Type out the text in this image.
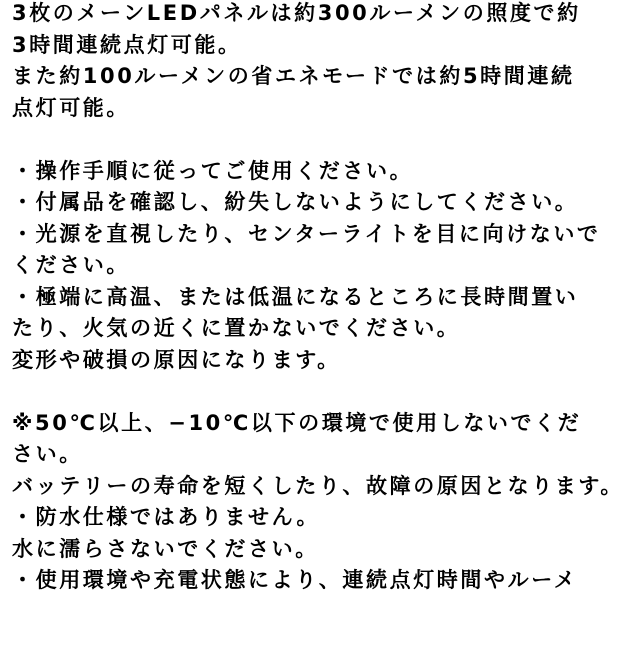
3枚のメーンLEDパネルは約300ルーメンの照度で約
3時間連続点灯可能。
また約100ルーメンの省エネモードでは約5時間連続
点灯可能。
・操作手順に従ってご使用ください。
・付属品を確認し、紛失しないようにしてください。
・光源を直視したり、センターライトを目に向けないで
ください。
・極端に高温、または低温になるところに長時間置い
たり、火気の近くに置かないでください。
変形や破損の原因になります。
※50℃以上、−10℃以下の環境で使用しないでくだ
さい。
バッテリーの寿命を短くしたり、故障の原因となります。
・防水仕様ではありません。
水に濡らさないでください。
・使用環境や充電状態により、連続点灯時間やルーメ
